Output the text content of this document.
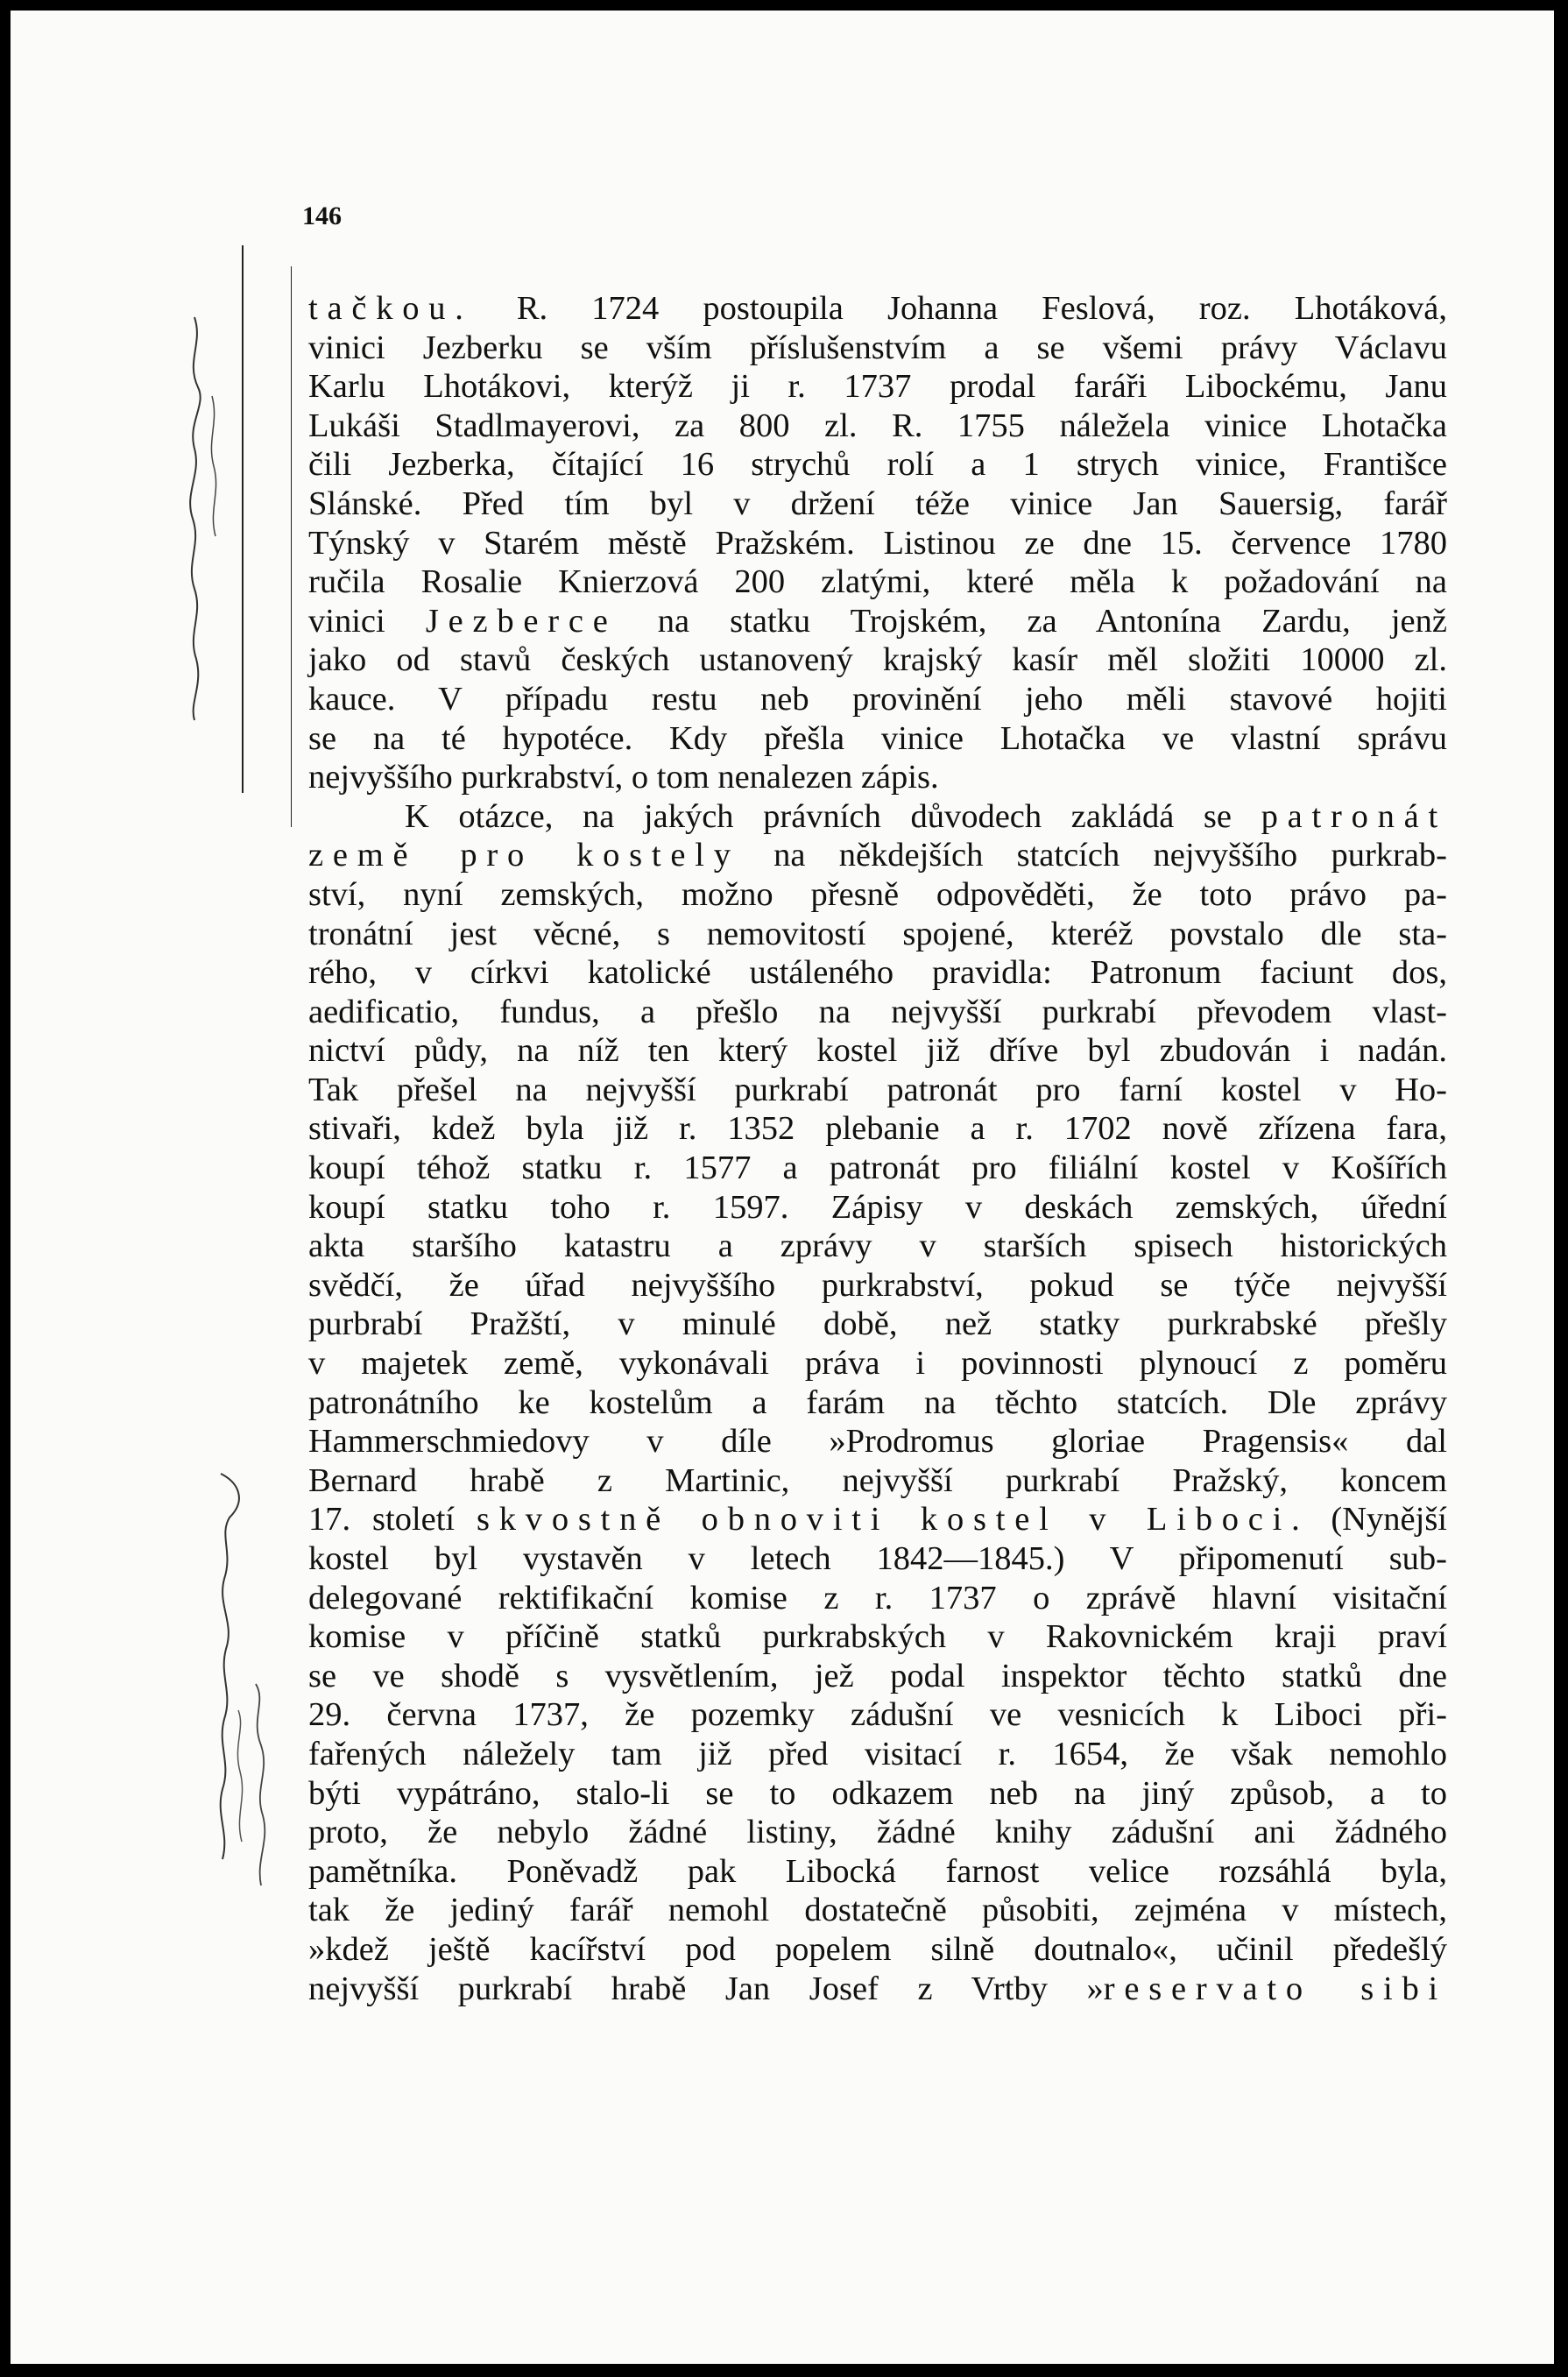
146
tačkou. R. 1724 postoupila Johanna Feslová, roz. Lhotáková,
vinici Jezberku se vším příslušenstvím a se všemi právy Václavu
Karlu Lhotákovi, kterýž ji r. 1737 prodal faráři Libockému, Janu
Lukáši Stadlmayerovi, za 800 zl. R. 1755 náležela vinice Lhotačka
čili Jezberka, čítající 16 strychů rolí a 1 strych vinice, Františce
Slánské. Před tím byl v držení téže vinice Jan Sauersig, farář
Týnský v Starém městě Pražském. Listinou ze dne 15. července 1780
ručila Rosalie Knierzová 200 zlatými, které měla k požadování na
vinici Jezberce na statku Trojském, za Antonína Zardu, jenž
jako od stavů českých ustanovený krajský kasír měl složiti 10000 zl.
kauce. V případu restu neb provinění jeho měli stavové hojiti
se na té hypotéce. Kdy přešla vinice Lhotačka ve vlastní správu
nejvyššího purkrabství, o tom nenalezen zápis.
K otázce, na jakých právních důvodech zakládá se patronát
země pro kostely na někdejších statcích nejvyššího purkrab-
ství, nyní zemských, možno přesně odpověděti, že toto právo pa-
tronátní jest věcné, s nemovitostí spojené, kteréž povstalo dle sta-
rého, v církvi katolické ustáleného pravidla: Patronum faciunt dos,
aedificatio, fundus, a přešlo na nejvyšší purkrabí převodem vlast-
nictví půdy, na níž ten který kostel již dříve byl zbudován i nadán.
Tak přešel na nejvyšší purkrabí patronát pro farní kostel v Ho-
stivaři, kdež byla již r. 1352 plebanie a r. 1702 nově zřízena fara,
koupí téhož statku r. 1577 a patronát pro filiální kostel v Košířích
koupí statku toho r. 1597. Zápisy v deskách zemských, úřední
akta staršího katastru a zprávy v starších spisech historických
svědčí, že úřad nejvyššího purkrabství, pokud se týče nejvyšší
purbrabí Pražští, v minulé době, než statky purkrabské přešly
v majetek země, vykonávali práva i povinnosti plynoucí z poměru
patronátního ke kostelům a farám na těchto statcích. Dle zprávy
Hammerschmiedovy v díle »Prodromus gloriae Pragensis« dal
Bernard hrabě z Martinic, nejvyšší purkrabí Pražský, koncem
17. století skvostně obnoviti kostel v Liboci. (Nynější
kostel byl vystavěn v letech 1842—1845.) V připomenutí sub-
delegované rektifikační komise z r. 1737 o zprávě hlavní visitační
komise v příčině statků purkrabských v Rakovnickém kraji praví
se ve shodě s vysvětlením, jež podal inspektor těchto statků dne
29. června 1737, že pozemky zádušní ve vesnicích k Liboci při-
fařených náležely tam již před visitací r. 1654, že však nemohlo
býti vypátráno, stalo-li se to odkazem neb na jiný způsob, a to
proto, že nebylo žádné listiny, žádné knihy zádušní ani žádného
pamětníka. Poněvadž pak Libocká farnost velice rozsáhlá byla,
tak že jediný farář nemohl dostatečně působiti, zejména v místech,
»kdež ještě kacířství pod popelem silně doutnalo«, učinil předešlý
nejvyšší purkrabí hrabě Jan Josef z Vrtby »reservato sibi
